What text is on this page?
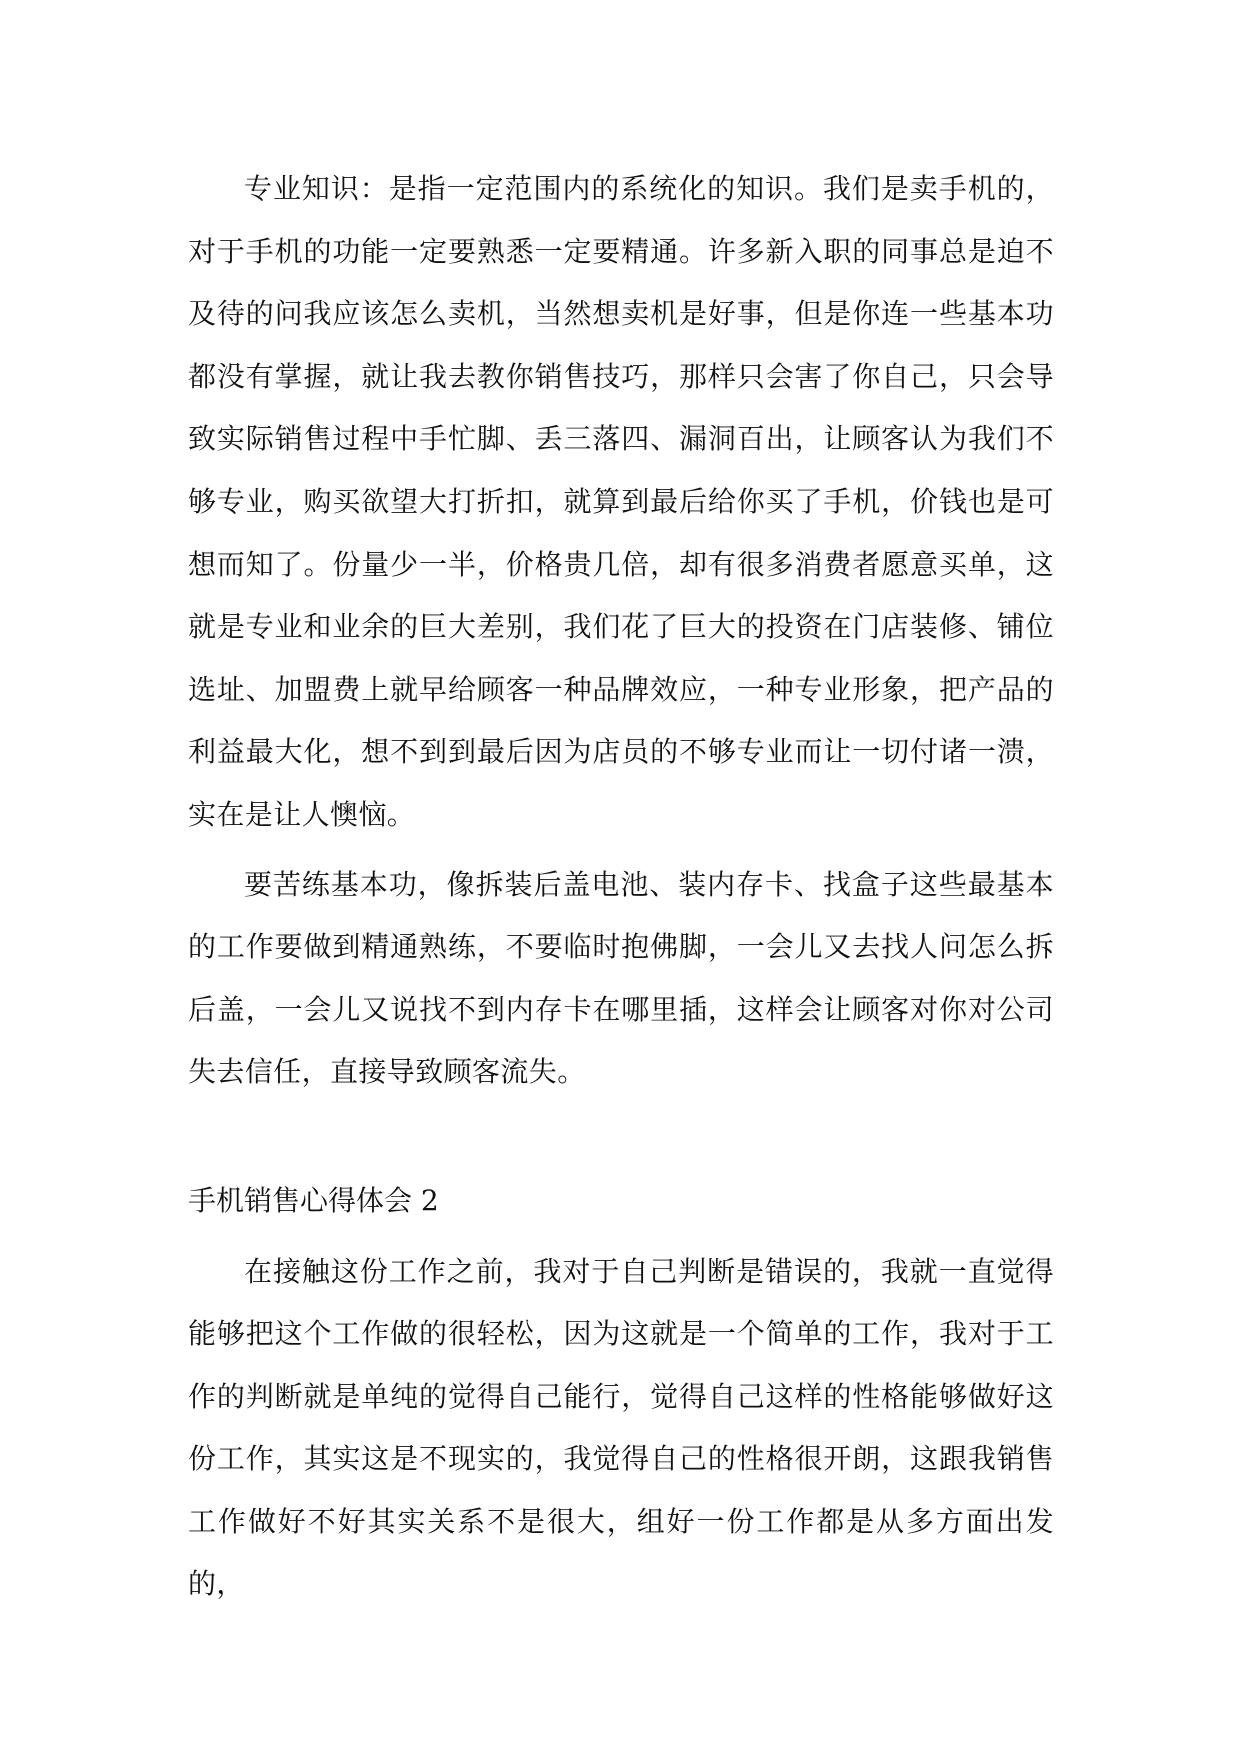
专业知识：是指一定范围内的系统化的知识。我们是卖手机的，对于手机的功能一定要熟悉一定要精通。许多新入职的同事总是迫不及待的问我应该怎么卖机，当然想卖机是好事，但是你连一些基本功都没有掌握，就让我去教你销售技巧，那样只会害了你自己，只会导致实际销售过程中手忙脚、丢三落四、漏洞百出，让顾客认为我们不够专业，购买欲望大打折扣，就算到最后给你买了手机，价钱也是可想而知了。份量少一半，价格贵几倍，却有很多消费者愿意买单，这就是专业和业余的巨大差别，我们花了巨大的投资在门店装修、铺位选址、加盟费上就早给顾客一种品牌效应，一种专业形象，把产品的利益最大化，想不到到最后因为店员的不够专业而让一切付诸一溃，实在是让人懊恼。

要苦练基本功，像拆装后盖电池、装内存卡、找盒子这些最基本的工作要做到精通熟练，不要临时抱佛脚，一会儿又去找人问怎么拆后盖，一会儿又说找不到内存卡在哪里插，这样会让顾客对你对公司失去信任，直接导致顾客流失。

手机销售心得体会 2

在接触这份工作之前，我对于自己判断是错误的，我就一直觉得能够把这个工作做的很轻松，因为这就是一个简单的工作，我对于工作的判断就是单纯的觉得自己能行，觉得自己这样的性格能够做好这份工作，其实这是不现实的，我觉得自己的性格很开朗，这跟我销售工作做好不好其实关系不是很大，组好一份工作都是从多方面出发的，
